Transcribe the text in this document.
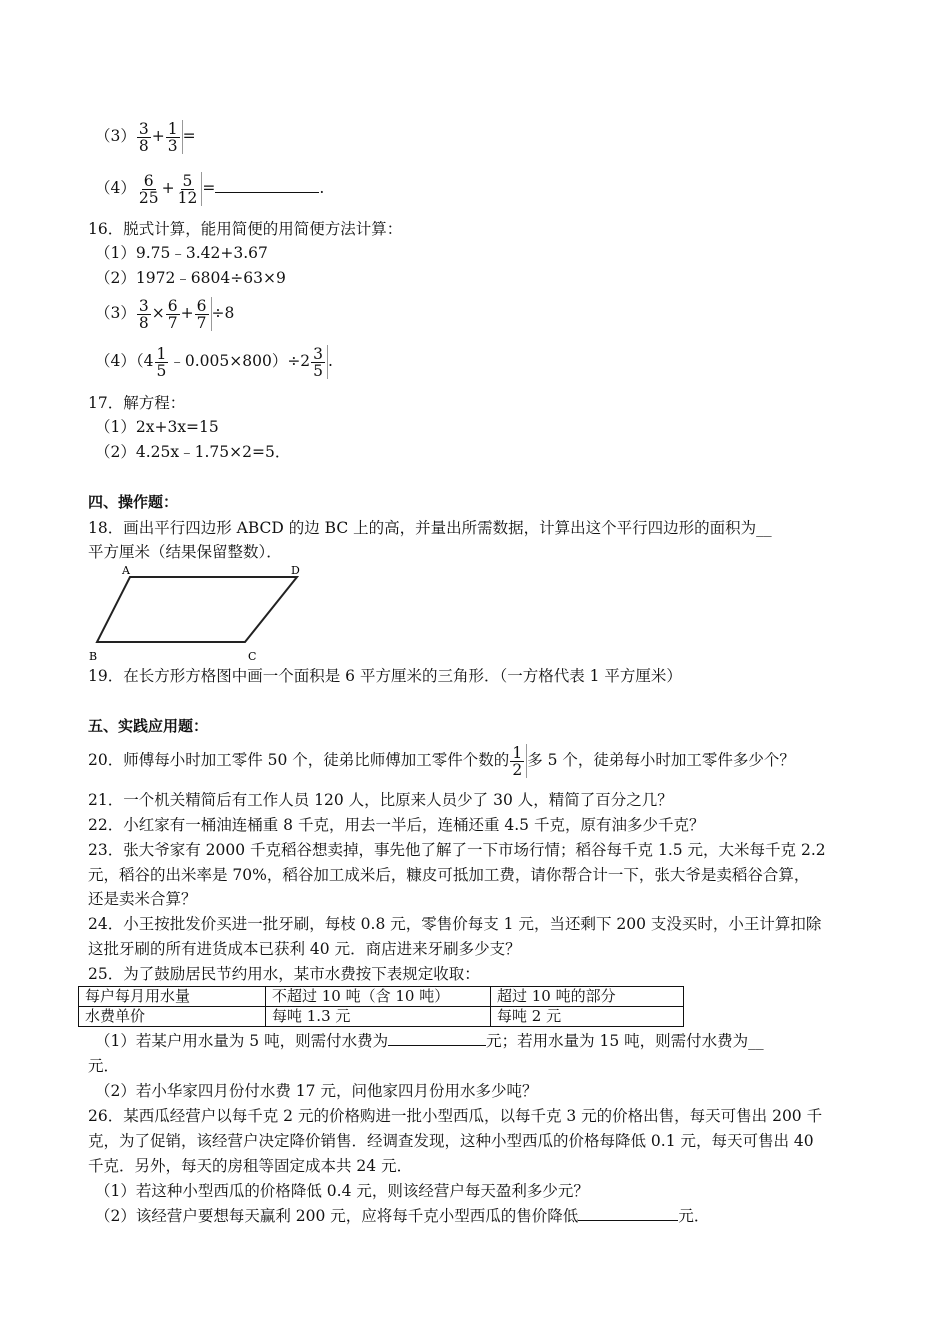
$(3) \frac{3}{8} + \frac{1}{3}$ =
$(4) \frac{6}{25} + \frac{5}{12}$ =	.
16．脱式计算，能用简便的用简便方法计算：
（1）9.75﹣3.42+3.67
（2）1972﹣6804÷63×9
$(3) \frac{3}{8} \times \frac{6}{7} + \frac{6}{7} \div 8$
$(4)(4 \frac{1}{5}$ ﹣0.005×800）÷2 $\frac{3}{5}$ .
17．解方程：
（1）2x+3x=15
（2）4.25x﹣1.75×2=5．
四、操作题：
18．画出平行四边形 ABCD 的边 BC 上的高，并量出所需数据，计算出这个平行四边形的面积为__
平方厘米（结果保留整数）．
A	D
B	C
19．在长方形方格图中画一个面积是 6 平方厘米的三角形．（一方格代表 1 平方厘米）
五、实践应用题：
20．师傅每小时加工零件 50 个，徒弟比师傅加工零件个数的 $\frac{1}{2}$ 多 5 个，徒弟每小时加工零件多少个？
21．一个机关精简后有工作人员 120 人，比原来人员少了 30 人，精简了百分之几？
22．小红家有一桶油连桶重 8 千克，用去一半后，连桶还重 4.5 千克，原有油多少千克？
23．张大爷家有 2000 千克稻谷想卖掉，事先他了解了一下市场行情；稻谷每千克 1.5 元，大米每千克 2.2
元，稻谷的出米率是 70%，稻谷加工成米后，糠皮可抵加工费，请你帮合计一下，张大爷是卖稻谷合算，
还是卖米合算？
24．小王按批发价买进一批牙刷，每枝 0.8 元，零售价每支 1 元，当还剩下 200 支没买时，小王计算扣除
这批牙刷的所有进货成本已获利 40 元．商店进来牙刷多少支？
25．为了鼓励居民节约用水，某市水费按下表规定收取：
每户每月用水量	不超过 10 吨（含 10 吨）	超过 10 吨的部分
水费单价	每吨 1.3 元	每吨 2 元
（1）若某户用水量为 5 吨，则需付水费为	元；若用水量为 15 吨，则需付水费为__
元．
（2）若小华家四月份付水费 17 元，问他家四月份用水多少吨？
26．某西瓜经营户以每千克 2 元的价格购进一批小型西瓜，以每千克 3 元的价格出售，每天可售出 200 千
克，为了促销，该经营户决定降价销售．经调查发现，这种小型西瓜的价格每降低 0.1 元，每天可售出 40
千克．另外，每天的房租等固定成本共 24 元．
（1）若这种小型西瓜的价格降低 0.4 元，则该经营户每天盈利多少元？
（2）该经营户要想每天赢利 200 元，应将每千克小型西瓜的售价降低	元．
